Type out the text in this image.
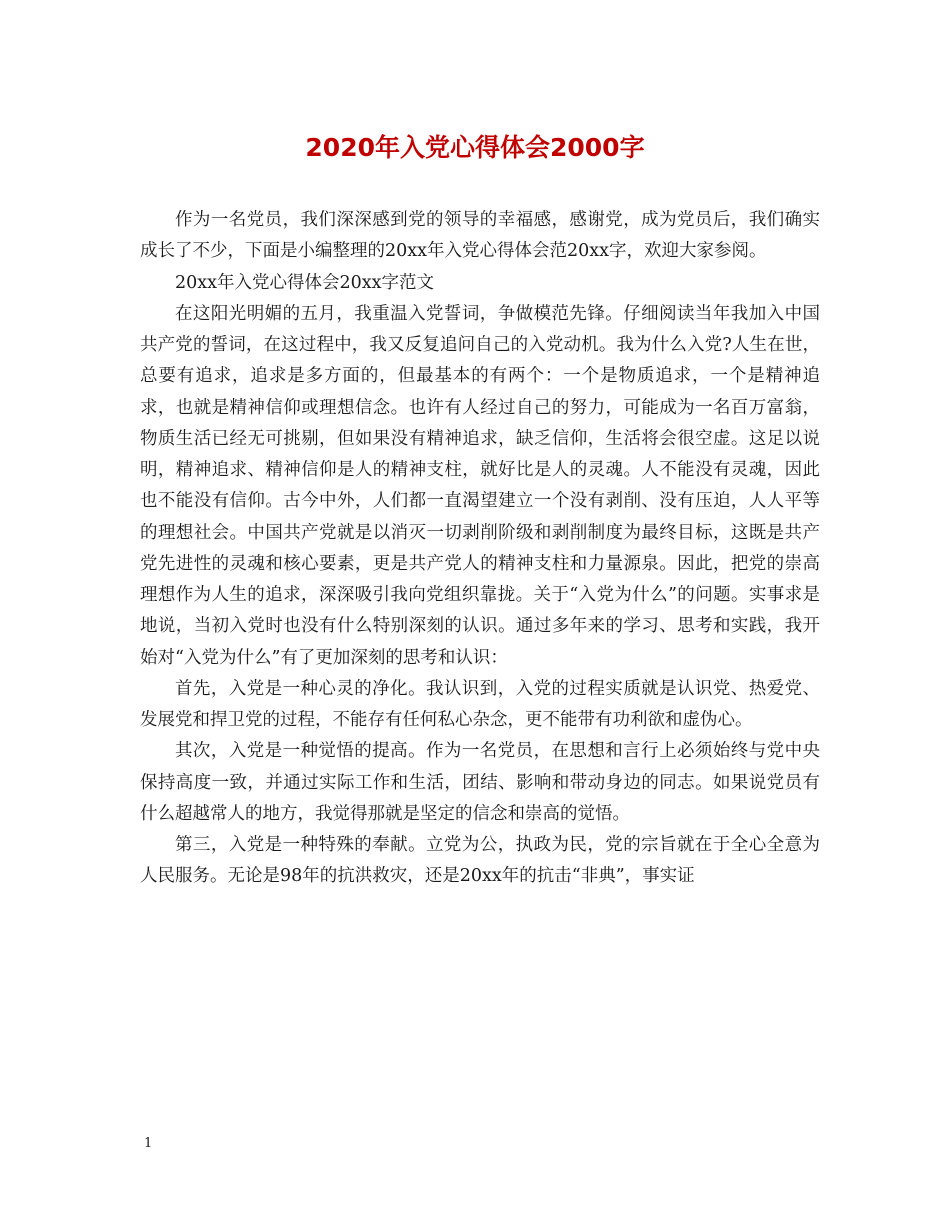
2020年入党心得体会2000字

作为一名党员，我们深深感到党的领导的幸福感，感谢党，成为党员后，我们确实成长了不少，下面是小编整理的20xx年入党心得体会范20xx字，欢迎大家参阅。

20xx年入党心得体会20xx字范文

在这阳光明媚的五月，我重温入党誓词，争做模范先锋。仔细阅读当年我加入中国共产党的誓词，在这过程中，我又反复追问自己的入党动机。我为什么入党?人生在世，总要有追求，追求是多方面的，但最基本的有两个：一个是物质追求，一个是精神追求，也就是精神信仰或理想信念。也许有人经过自己的努力，可能成为一名百万富翁，物质生活已经无可挑剔，但如果没有精神追求，缺乏信仰，生活将会很空虚。这足以说明，精神追求、精神信仰是人的精神支柱，就好比是人的灵魂。人不能没有灵魂，因此也不能没有信仰。古今中外，人们都一直渴望建立一个没有剥削、没有压迫，人人平等的理想社会。中国共产党就是以消灭一切剥削阶级和剥削制度为最终目标，这既是共产党先进性的灵魂和核心要素，更是共产党人的精神支柱和力量源泉。因此，把党的崇高理想作为人生的追求，深深吸引我向党组织靠拢。关于“入党为什么”的问题。实事求是地说，当初入党时也没有什么特别深刻的认识。通过多年来的学习、思考和实践，我开始对“入党为什么”有了更加深刻的思考和认识：

首先，入党是一种心灵的净化。我认识到，入党的过程实质就是认识党、热爱党、发展党和捍卫党的过程，不能存有任何私心杂念，更不能带有功利欲和虚伪心。

其次，入党是一种觉悟的提高。作为一名党员，在思想和言行上必须始终与党中央保持高度一致，并通过实际工作和生活，团结、影响和带动身边的同志。如果说党员有什么超越常人的地方，我觉得那就是坚定的信念和崇高的觉悟。

第三，入党是一种特殊的奉献。立党为公，执政为民，党的宗旨就在于全心全意为人民服务。无论是98年的抗洪救灾，还是20xx年的抗击“非典”，事实证

1
